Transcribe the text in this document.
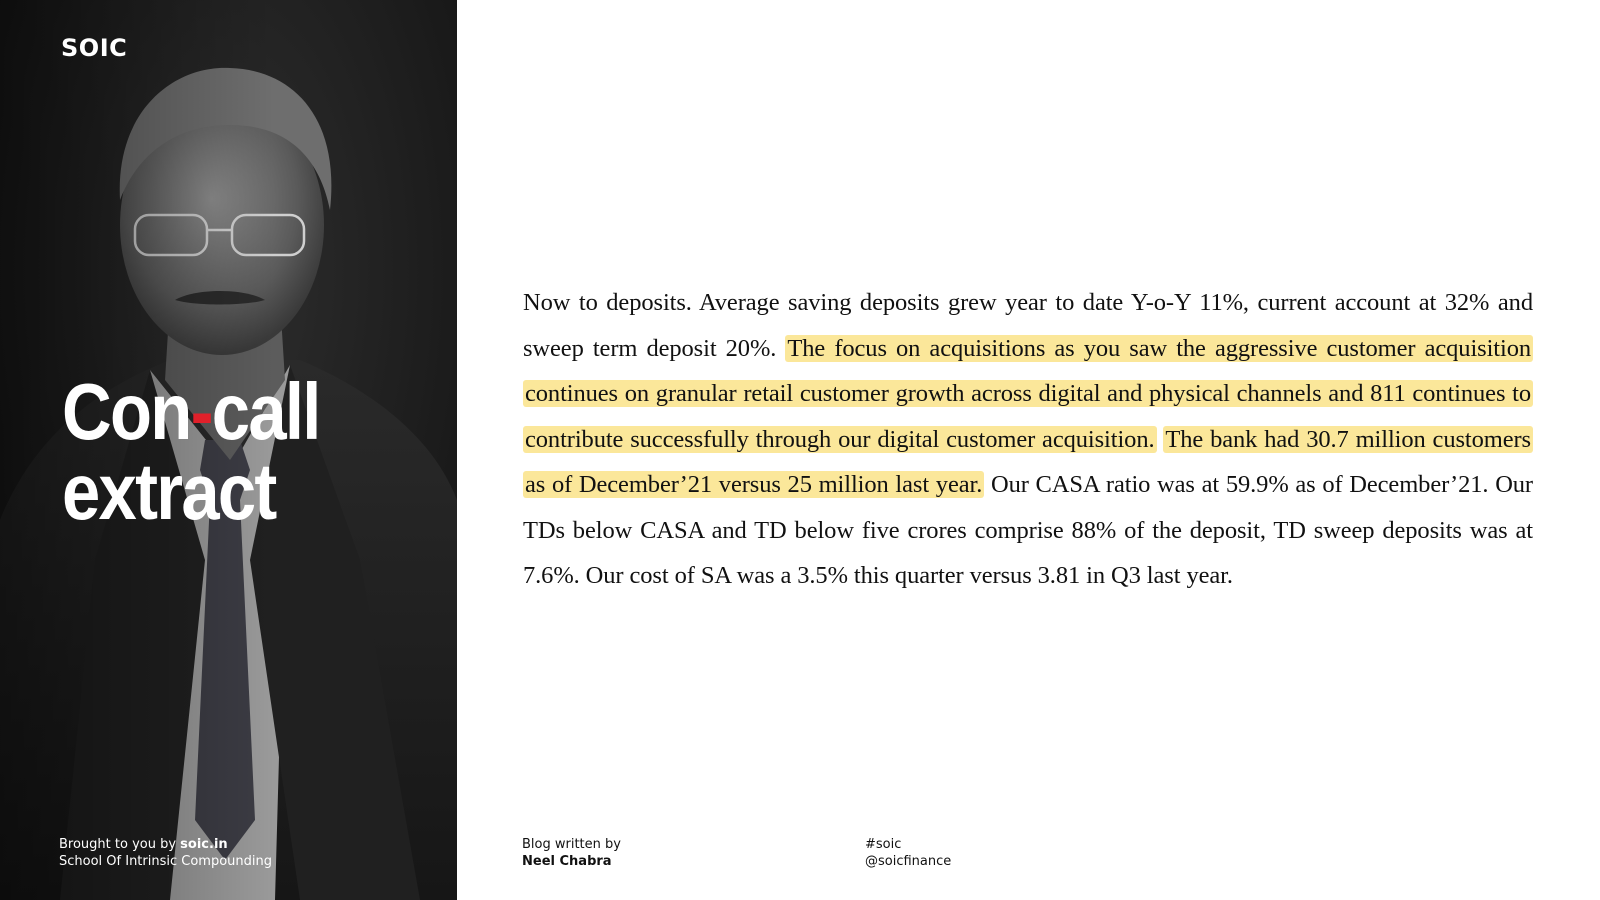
SOIC
Con-call
extract
Brought to you by soic.in
School Of Intrinsic Compounding
Now to deposits. Average saving deposits grew year to date Y-o-Y 11%, current account at 32% and sweep term deposit 20%. The focus on acquisitions as you saw the aggressive customer acquisition continues on granular retail customer growth across digital and physical channels and 811 continues to contribute successfully through our digital customer acquisition. The bank had 30.7 million customers as of December’21 versus 25 million last year. Our CASA ratio was at 59.9% as of December’21. Our TDs below CASA and TD below five crores comprise 88% of the deposit, TD sweep deposits was at 7.6%. Our cost of SA was a 3.5% this quarter versus 3.81 in Q3 last year.
Blog written by
Neel Chabra
#soic
@soicfinance
